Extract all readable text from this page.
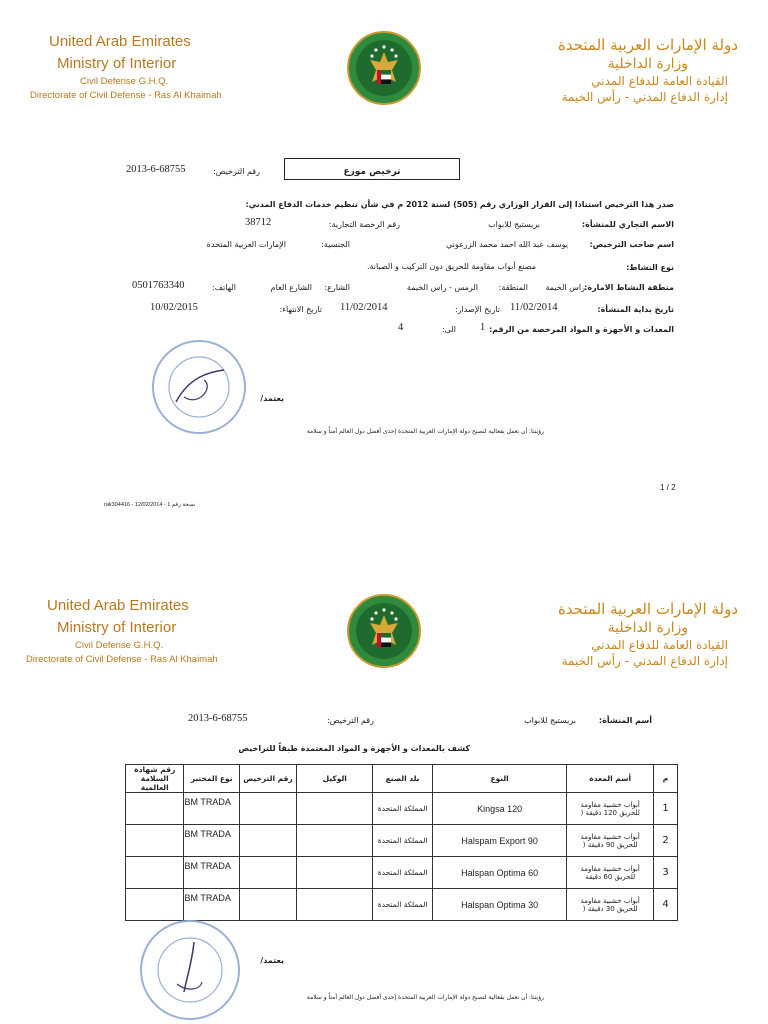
United Arab Emirates
Ministry of Interior
Civil Defense G.H.Q.
Directorate of Civil Defense - Ras Al Khaimah
دولة الإمارات العربية المتحدة
وزارة الداخلية
القيادة العامة للدفاع المدني
إدارة الدفاع المدني - رأس الخيمة
ترخيص موزع
رقم الترخيص:
2013-6-68755
صدر هذا الترخيص استنادا إلى القرار الوزاري رقم (505) لسنة 2012 م في شأن تنظيم خدمات الدفاع المدني:
الاسم التجاري للمنشأة:
بريستيج للابواب
رقم الرخصة التجارية:
38712
اسم صاحب الترخيص:
يوسف عبد الله احمد محمد الزرعوني
الجنسية:
الإمارات العربية المتحدة
نوع النشاط:
مصنع أبواب مقاومة للحريق دون التركيب و الصيانة.
منطقة النشاط الامارة:
راس الخيمة
المنطقة:
الرمس - راس الخيمة
الشارع:
الشارع العام
الهاتف:
0501763340
تاريخ بداية المنشأة:
11/02/2014
تاريخ الإصدار:
11/02/2014
تاريخ الانتهاء:
10/02/2015
المعدات و الأجهزة و المواد المرخصة من الرقم:
1
الى:
4
يعتمد/
رؤيتنا: أن نعمل بفعالية لتصبح دولة الإمارات العربية المتحدة إحدى أفضل دول العالم أمناً و سلامة
1 / 2
rak304416 - 12/02/2014 - نسخة رقم 1
United Arab Emirates
Ministry of Interior
Civil Defense G.H.Q.
Directorate of Civil Defense - Ras Al Khaimah
دولة الإمارات العربية المتحدة
وزارة الداخلية
القيادة العامة للدفاع المدني
إدارة الدفاع المدني - رأس الخيمة
أسم المنشأة:
بريستيج للابواب
رقم الترخيص:
2013-6-68755
كشف بالمعدات و الأجهزة و المواد المعتمدة طبقاً للتراخيص
م	أسم المعدة	النوع	بلد الصنع	الوكيل	رقم الترخيص	نوع المختبر	رقم شهادة السلامة العالمية
1	أبواب خشبية مقاومة للحريق 120 دقيقة (	Kingsa 120	المملكة المتحدة			BM TRADA	
2	أبواب خشبية مقاومة للحريق 90 دقيقة (	Halspam Export 90	المملكة المتحدة			BM TRADA	
3	أبواب خشبية مقاومة للحريق 60 دقيقة	Halspan Optima 60	المملكة المتحدة			BM TRADA	
4	أبواب خشبية مقاومة للحريق 30 دقيقة (	Halspan Optima 30	المملكة المتحدة			BM TRADA	
يعتمد/
رؤيتنا: أن نعمل بفعالية لتصبح دولة الإمارات العربية المتحدة إحدى أفضل دول العالم أمناً و سلامة
